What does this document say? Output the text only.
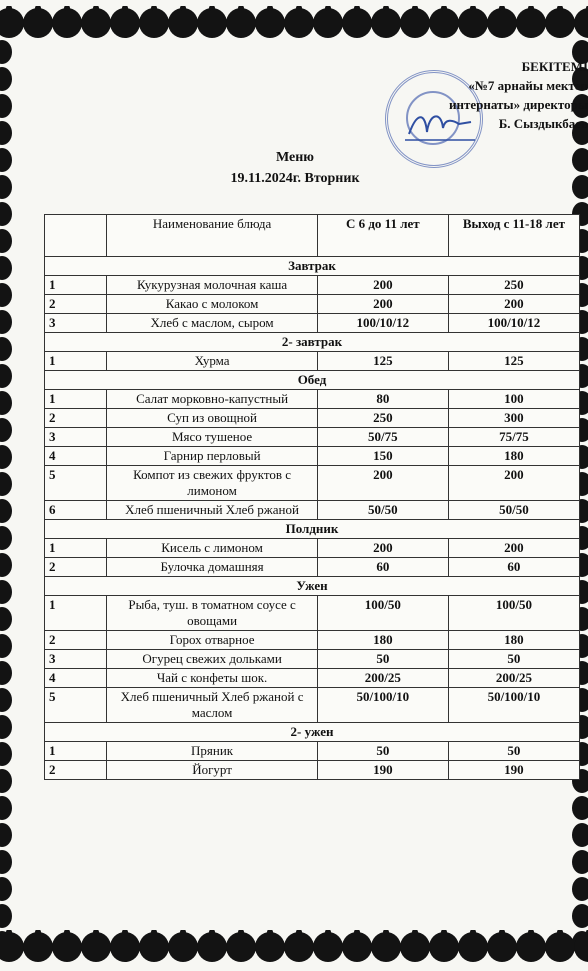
БЕКІТЕМІ
«№7 арнайы мектеп
интернаты» директоры
Б. Сыздыкбаев
Меню
19.11.2024г. Вторник
	Наименование блюда	С 6 до 11 лет	Выход с 11-18 лет
Завтрак			
1	Кукурузная молочная каша	200	250
2	Какао с молоком	200	200
3	Хлеб с маслом, сыром	100/10/12	100/10/12
2- завтрак			
1	Хурма	125	125
Обед			
1	Салат морковно-капустный	80	100
2	Суп из овощной	250	300
3	Мясо тушеное	50/75	75/75
4	Гарнир перловый	150	180
5	Компот из свежих фруктов с лимоном	200	200
6	Хлеб пшеничный Хлеб ржаной	50/50	50/50
Полдник			
1	Кисель с лимоном	200	200
2	Булочка домашняя	60	60
Ужен			
1	Рыба, туш. в томатном соусе с овощами	100/50	100/50
2	Горох отварное	180	180
3	Огурец свежих дольками	50	50
4	Чай с конфеты шок.	200/25	200/25
5	Хлеб пшеничный Хлеб ржаной с маслом	50/100/10	50/100/10
2- ужен			
1	Пряник	50	50
2	Йогурт	190	190
